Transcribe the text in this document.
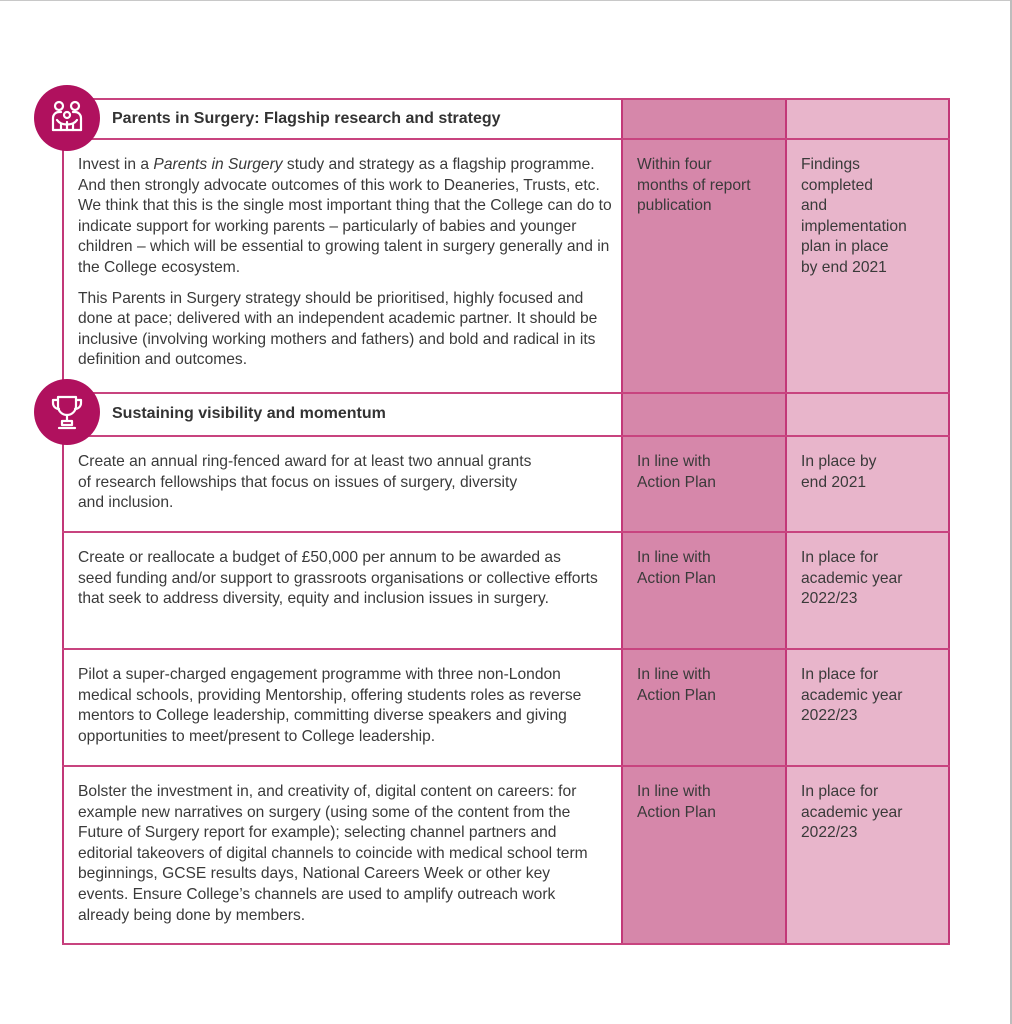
Parents in Surgery: Flagship research and strategy

Invest in a Parents in Surgery study and strategy as a flagship programme. And then strongly advocate outcomes of this work to Deaneries, Trusts, etc. We think that this is the single most important thing that the College can do to indicate support for working parents – particularly of babies and younger children – which will be essential to growing talent in surgery generally and in the College ecosystem.

This Parents in Surgery strategy should be prioritised, highly focused and done at pace; delivered with an independent academic partner. It should be inclusive (involving working mothers and fathers) and bold and radical in its definition and outcomes.

Within four
months of report
publication
Findings
completed
and
implementation
plan in place
by end 2021
Sustaining visibility and momentum
Create an annual ring-fenced award for at least two annual grants of research fellowships that focus on issues of surgery, diversity and inclusion.
In line with
Action Plan
In place by
end 2021
Create or reallocate a budget of £50,000 per annum to be awarded as seed funding and/or support to grassroots organisations or collective efforts that seek to address diversity, equity and inclusion issues in surgery.
In line with
Action Plan
In place for
academic year
2022/23
Pilot a super-charged engagement programme with three non-London medical schools, providing Mentorship, offering students roles as reverse mentors to College leadership, committing diverse speakers and giving opportunities to meet/present to College leadership.
In line with
Action Plan
In place for
academic year
2022/23
Bolster the investment in, and creativity of, digital content on careers: for example new narratives on surgery (using some of the content from the Future of Surgery report for example); selecting channel partners and editorial takeovers of digital channels to coincide with medical school term beginnings, GCSE results days, National Careers Week or other key events. Ensure College’s channels are used to amplify outreach work already being done by members.
In line with
Action Plan
In place for
academic year
2022/23
